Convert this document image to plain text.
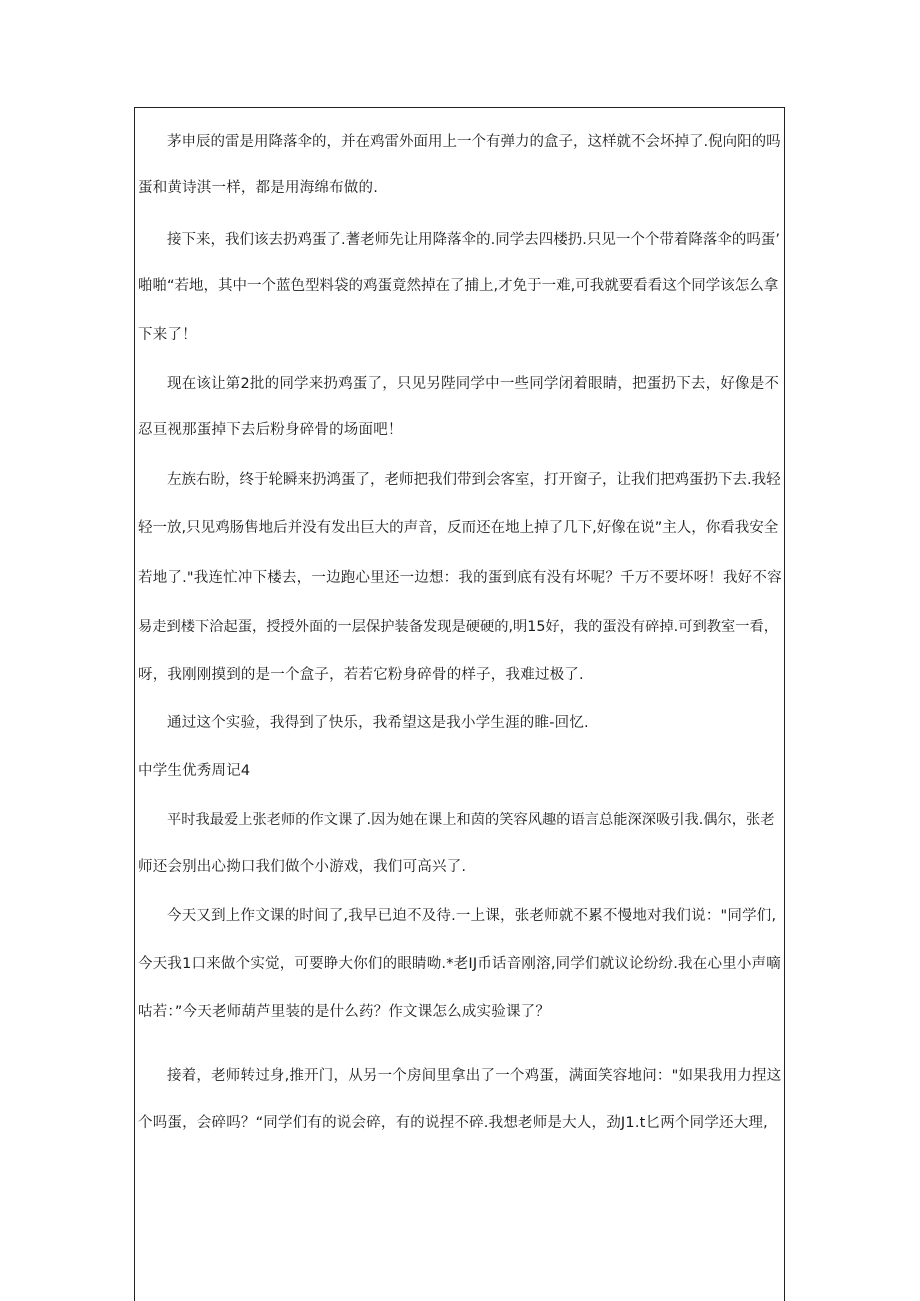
茅申辰的雷是用降落伞的，并在鸡雷外面用上一个有弹力的盒子，这样就不会坏掉了.倪向阳的吗
蛋和黄诗淇一样，都是用海绵布做的.
接下来，我们该去扔鸡蛋了.蓍老师先让用降落伞的.同学去四楼扔.只见一个个带着降落伞的吗蛋’
啪啪“若地，其中一个蓝色型料袋的鸡蛋竟然掉在了捕上,才免于一难,可我就要看看这个同学该怎么拿
下来了！
现在该让第2批的同学来扔鸡蛋了，只见另陛同学中一些同学闭着眼睛，把蛋扔下去，好像是不
忍亘视那蛋掉下去后粉身碎骨的场面吧！
左族右盼，终于轮瞬来扔鸿蛋了，老师把我们带到会客室，打开窗子，让我们把鸡蛋扔下去.我轻
轻一放,只见鸡肠售地后并没有发出巨大的声音，反而还在地上掉了几下,好像在说”主人，你看我安全
若地了."我连忙冲下楼去，一边跑心里还一边想：我的蛋到底有没有坏呢？千万不要坏呀！我好不容
易走到楼下洽起蛋，授授外面的一层保护装备发现是硬硬的,明15好，我的蛋没有碎掉.可到教室一看，
呀，我刚刚摸到的是一个盒子，若若它粉身碎骨的样子，我难过极了.
通过这个实验，我得到了快乐，我希望这是我小学生涯的睢-回忆.
中学生优秀周记4
平时我最爱上张老师的作文课了.因为她在课上和茵的笑容风趣的语言总能深深吸引我.偶尔，张老
师还会别出心拗口我们做个小游戏，我们可高兴了.
今天又到上作文课的时间了,我早已迫不及待.一上课，张老师就不累不慢地对我们说："同学们,
今天我1口来做个实觉，可要睁大你们的眼睛呦.*老IJ币话音刚溶,同学们就议论纷纷.我在心里小声嘀
咕若：”今天老师葫芦里装的是什么药？作文课怎么成实验课了？
接着，老师转过身,推开门，从另一个房间里拿出了一个鸡蛋，满面笑容地问："如果我用力捏这
个吗蛋，会碎吗？“同学们有的说会碎，有的说捏不碎.我想老师是大人，劲J1.t匕两个同学还大理,
